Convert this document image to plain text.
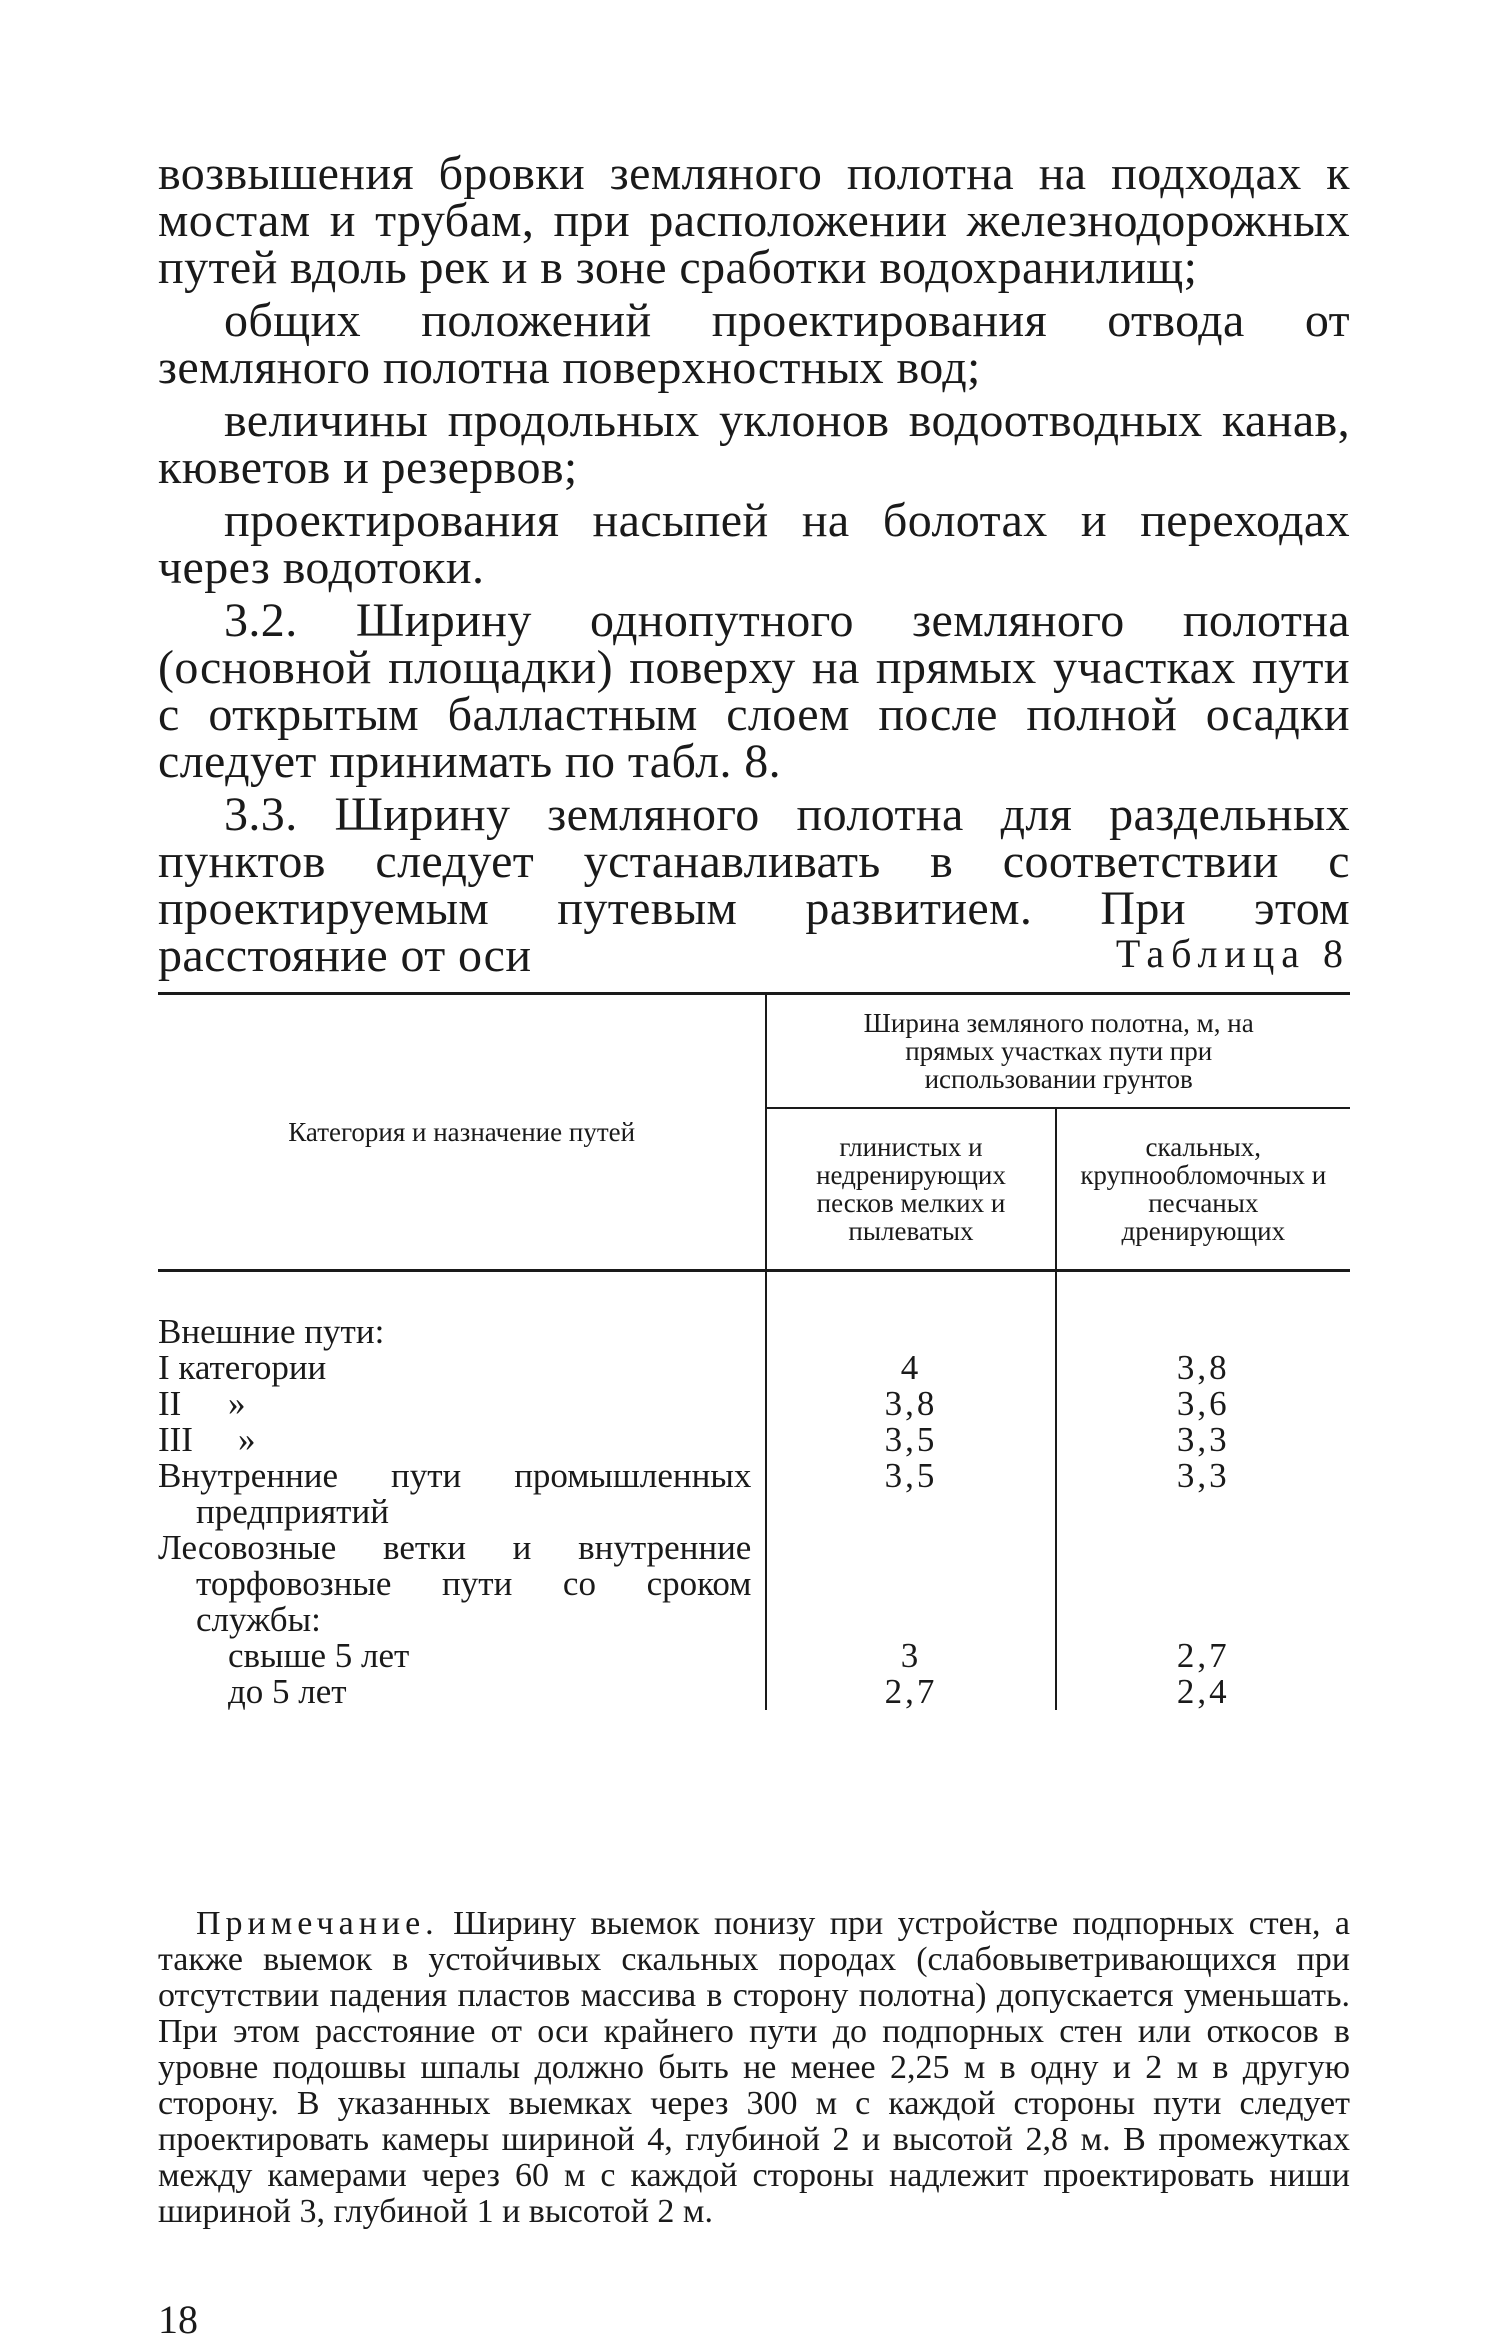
возвышения бровки земляного полотна на подходах к мостам и трубам, при расположении железнодорожных путей вдоль рек и в зоне сработки водохранилищ;

общих положений проектирования отвода от земляного полотна поверхностных вод;

величины продольных уклонов водоотводных канав, кюветов и резервов;

проектирования насыпей на болотах и переходах через водотоки.

3.2. Ширину однопутного земляного полотна (основной площадки) поверху на прямых участках пути с открытым балластным слоем после полной осадки следует принимать по табл. 8.

3.3. Ширину земляного полотна для раздельных пунктов следует устанавливать в соответствии с проектируемым путевым развитием. При этом расстояние от оси	Таблица 8
Категория и назначение путей	Ширина земляного полотна, м, на прямых участках пути при использовании грунтов	
	глинистых и недренирующих песков мелких и пылеватых	скальных, крупнообломочных и песчаных дренирующих
Внешние пути:		
I категории	4	3,8
II »	3,8	3,6
III »	3,5	3,3

Внутренние пути промышленных
предприятий	3,5	3,3

Лесовозные ветки и внутренние
торфовозные пути со сроком
службы:		

свыше 5 лет	3	2,7
до 5 лет	2,7	2,4
Примечание. Ширину выемок понизу при устройстве подпорных стен, а также выемок в устойчивых скальных породах (слабовыветривающихся при отсутствии падения пластов массива в сторону полотна) допускается уменьшать. При этом расстояние от оси крайнего пути до подпорных стен или откосов в уровне подошвы шпалы должно быть не менее 2,25 м в одну и 2 м в другую сторону. В указанных выемках через 300 м с каждой стороны пути следует проектировать камеры шириной 4, глубиной 2 и высотой 2,8 м. В промежутках между камерами через 60 м с каждой стороны надлежит проектировать ниши шириной 3, глубиной 1 и высотой 2 м.
18
